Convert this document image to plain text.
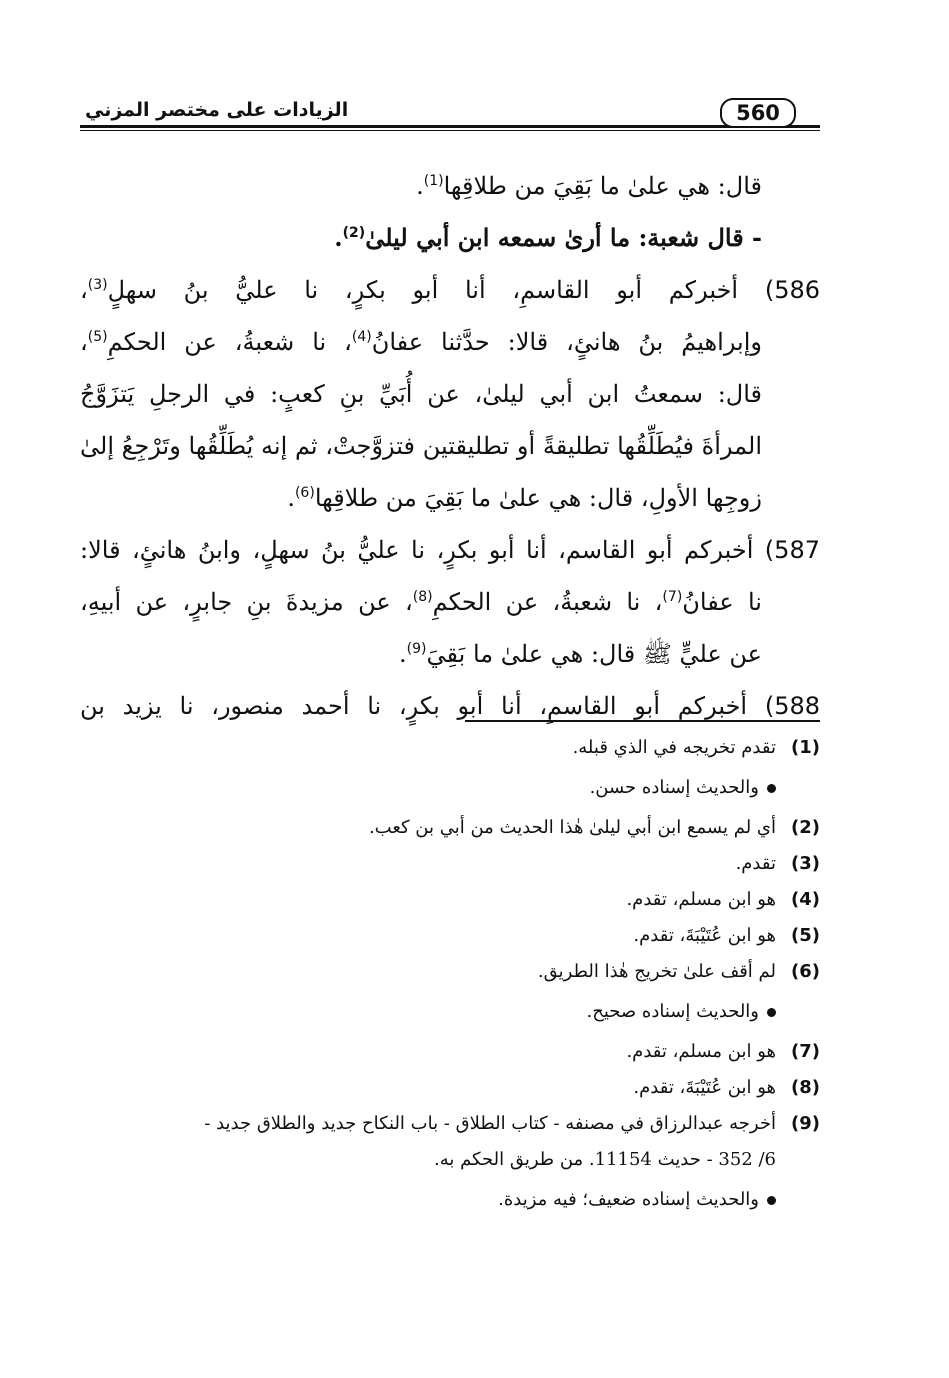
الزيادات على مختصر المزني	560
قال: هي علىٰ ما بَقِيَ من طلاقِها$^{(1)}$.
- قال شعبة: ما أرىٰ سمعه ابن أبي ليلىٰ$^{(2)}$.
586) أخبركم أبو القاسمِ، أنا أبو بكرٍ، نا عليُّ بنُ سهلٍ$^{(3)}$،
وإبراهيمُ بنُ هانئٍ، قالا: حدَّثنا عفانُ$^{(4)}$، نا شعبةُ، عن الحكمِ$^{(5)}$،
قال: سمعتُ ابن أبي ليلىٰ، عن أُبَيِّ بنِ كعبٍ: في الرجلِ يَتزَوَّجُ
المرأةَ فيُطَلِّقُها تطليقةً أو تطليقتين فتزوَّجتْ، ثم إنه يُطَلِّقُها وتَرْجِعُ إلىٰ
زوجِها الأولِ، قال: هي علىٰ ما بَقِيَ من طلاقِها$^{(6)}$.
587) أخبركم أبو القاسم، أنا أبو بكرٍ، نا عليُّ بنُ سهلٍ، وابنُ هانئٍ، قالا:
نا عفانُ$^{(7)}$، نا شعبةُ، عن الحكمِ$^{(8)}$، عن مزيدةَ بنِ جابرٍ، عن أبيهِ،
عن عليٍّ ﷺ قال: هي علىٰ ما بَقِيَ$^{(9)}$.
588) أخبركم أبو القاسمِ، أنا أبو بكرٍ، نا أحمد منصور، نا يزيد بن
(1)تقدم تخريجه في الذي قبله.
والحديث إسناده حسن.
(2)أي لم يسمع ابن أبي ليلىٰ هٰذا الحديث من أبي بن كعب.
(3)تقدم.
(4)هو ابن مسلم، تقدم.
(5)هو ابن عُتَيْبَةَ، تقدم.
(6)لم أقف علىٰ تخريج هٰذا الطريق.
والحديث إسناده صحيح.
(7)هو ابن مسلم، تقدم.
(8)هو ابن عُتَيْبَةَ، تقدم.
(9)أخرجه عبدالرزاق في مصنفه - كتاب الطلاق - باب النكاح جديد والطلاق جديد -
6/ 352 - حديث 11154. من طريق الحكم به.
والحديث إسناده ضعيف؛ فيه مزيدة.
